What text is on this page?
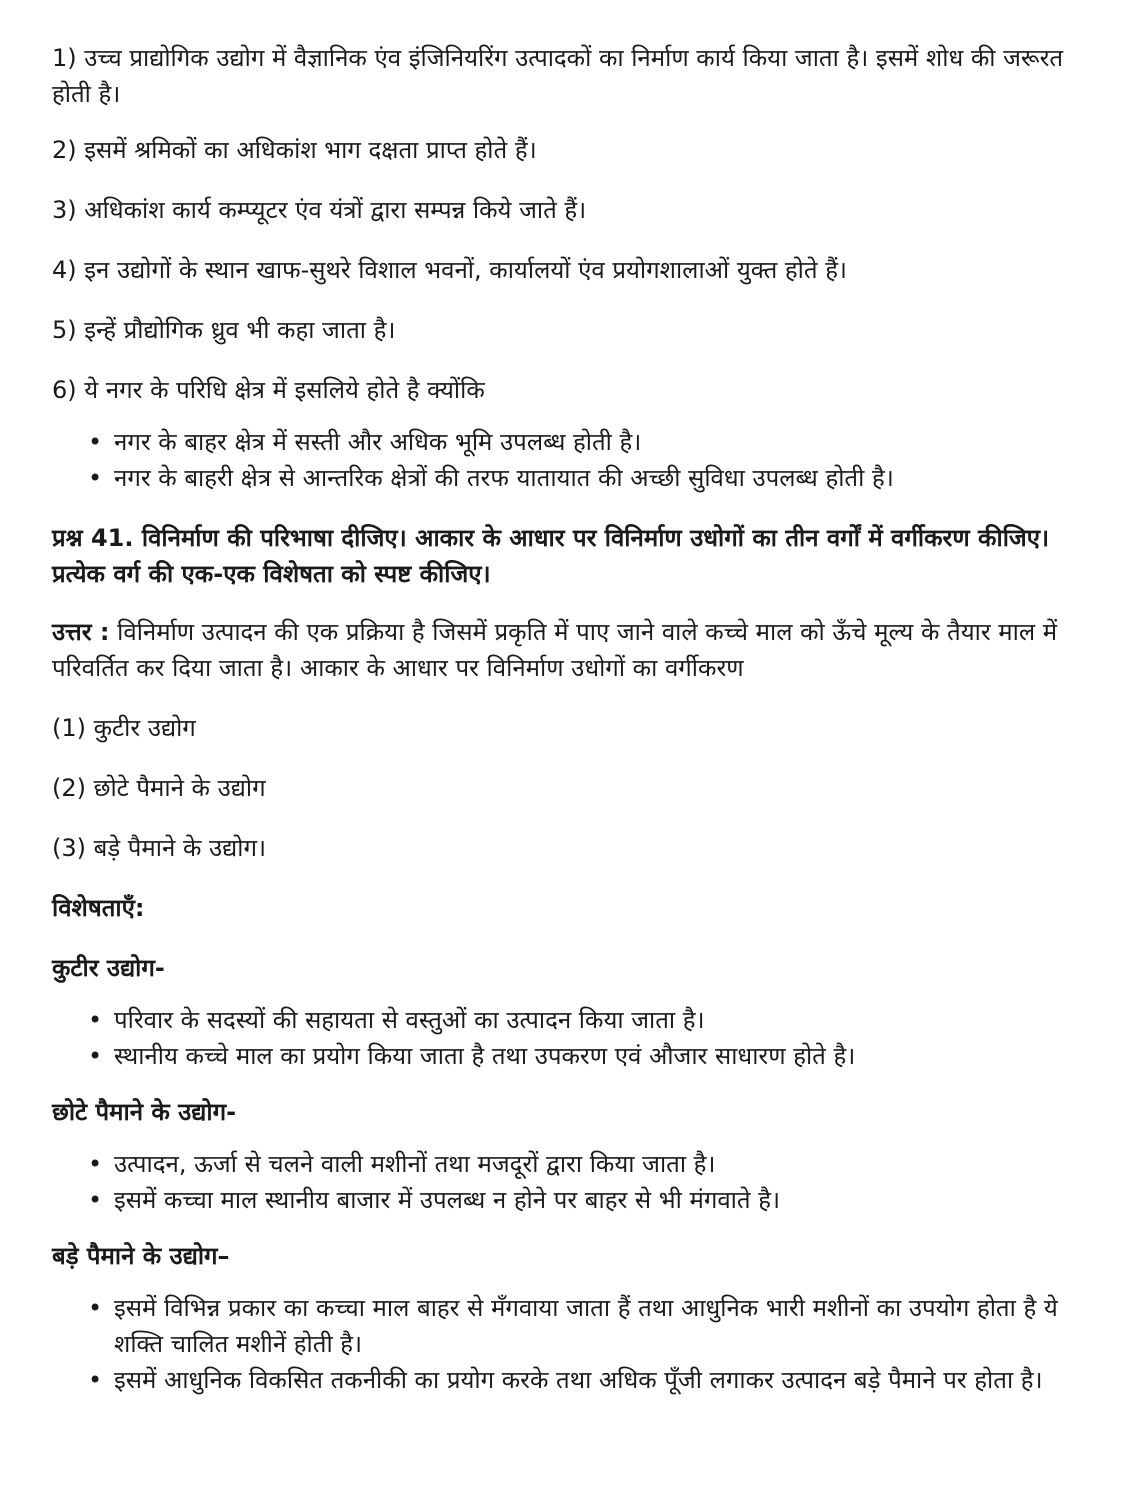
1) उच्च प्राद्योगिक उद्योग में वैज्ञानिक एंव इंजिनियरिंग उत्पादकों का निर्माण कार्य किया जाता है। इसमें शोध की जरूरत होती है।

2) इसमें श्रमिकों का अधिकांश भाग दक्षता प्राप्त होते हैं।

3) अधिकांश कार्य कम्प्यूटर एंव यंत्रों द्वारा सम्पन्न किये जाते हैं।

4) इन उद्योगों के स्थान खाफ-सुथरे विशाल भवनों, कार्यालयों एंव प्रयोगशालाओं युक्त होते हैं।

5) इन्हें प्रौद्योगिक ध्रुव भी कहा जाता है।

6) ये नगर के परिधि क्षेत्र में इसलिये होते है क्योंकि

• नगर के बाहर क्षेत्र में सस्ती और अधिक भूमि उपलब्ध होती है।
• नगर के बाहरी क्षेत्र से आन्तरिक क्षेत्रों की तरफ यातायात की अच्छी सुविधा उपलब्ध होती है।

प्रश्न 41. विनिर्माण की परिभाषा दीजिए। आकार के आधार पर विनिर्माण उधोगों का तीन वर्गों में वर्गीकरण कीजिए। प्रत्येक वर्ग की एक-एक विशेषता को स्पष्ट कीजिए।

उत्तर : विनिर्माण उत्पादन की एक प्रक्रिया है जिसमें प्रकृति में पाए जाने वाले कच्चे माल को ऊँचे मूल्य के तैयार माल में परिवर्तित कर दिया जाता है। आकार के आधार पर विनिर्माण उधोगों का वर्गीकरण

(1) कुटीर उद्योग

(2) छोटे पैमाने के उद्योग

(3) बड़े पैमाने के उद्योग।

विशेषताएँ:

कुटीर उद्योग-

• परिवार के सदस्यों की सहायता से वस्तुओं का उत्पादन किया जाता है।
• स्थानीय कच्चे माल का प्रयोग किया जाता है तथा उपकरण एवं औजार साधारण होते है।

छोटे पैमाने के उद्योग-

• उत्पादन, ऊर्जा से चलने वाली मशीनों तथा मजदूरों द्वारा किया जाता है।
• इसमें कच्चा माल स्थानीय बाजार में उपलब्ध न होने पर बाहर से भी मंगवाते है।

बड़े पैमाने के उद्योग–

• इसमें विभिन्न प्रकार का कच्चा माल बाहर से मँगवाया जाता हैं तथा आधुनिक भारी मशीनों का उपयोग होता है ये शक्ति चालित मशीनें होती है।
• इसमें आधुनिक विकसित तकनीकी का प्रयोग करके तथा अधिक पूँजी लगाकर उत्पादन बड़े पैमाने पर होता है।
